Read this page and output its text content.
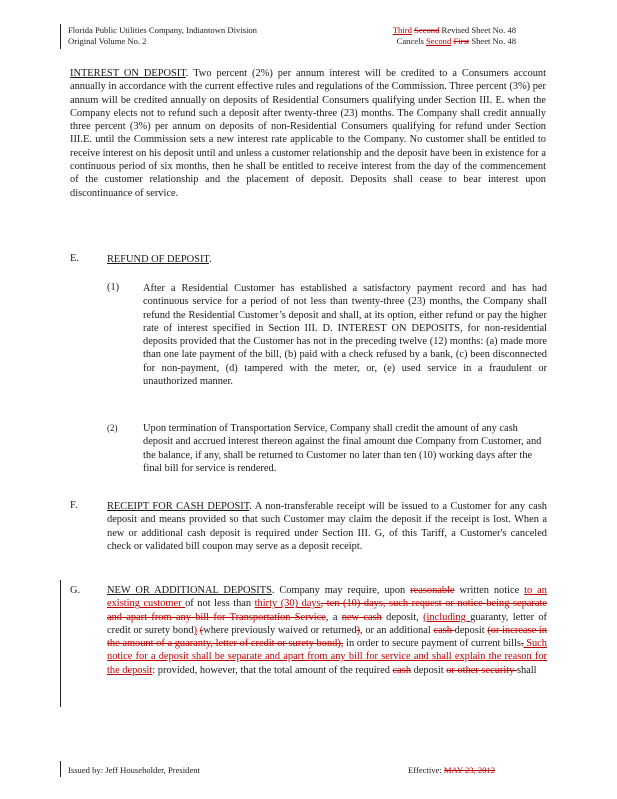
Florida Public Utilities Company, Indiantown Division
Original Volume No. 2
Third Second Revised Sheet No. 48
Cancels Second First Sheet No. 48
INTEREST ON DEPOSIT. Two percent (2%) per annum interest will be credited to a Consumers account annually in accordance with the current effective rules and regulations of the Commission. Three percent (3%) per annum will be credited annually on deposits of Residential Consumers qualifying under Section III. E. when the Company elects not to refund such a deposit after twenty-three (23) months. The Company shall credit annually three percent (3%) per annum on deposits of non-Residential Consumers qualifying for refund under Section III.E. until the Commission sets a new interest rate applicable to the Company. No customer shall be entitled to receive interest on his deposit until and unless a customer relationship and the deposit have been in existence for a continuous period of six months, then he shall be entitled to receive interest from the day of the commencement of the customer relationship and the placement of deposit. Deposits shall cease to bear interest upon discontinuance of service.
E.	REFUND OF DEPOSIT.
(1) After a Residential Customer has established a satisfactory payment record and has had continuous service for a period of not less than twenty-three (23) months, the Company shall refund the Residential Customer’s deposit and shall, at its option, either refund or pay the higher rate of interest specified in Section III. D. INTEREST ON DEPOSITS, for non-residential deposits provided that the Customer has not in the preceding twelve (12) months: (a) made more than one late payment of the bill, (b) paid with a check refused by a bank, (c) been disconnected for non-payment, (d) tampered with the meter, or, (e) used service in a fraudulent or unauthorized manner.
(2) Upon termination of Transportation Service, Company shall credit the amount of any cash deposit and accrued interest thereon against the final amount due Company from Customer, and the balance, if any, shall be returned to Customer no later than ten (10) working days after the final bill for service is rendered.
F.	RECEIPT FOR CASH DEPOSIT. A non-transferable receipt will be issued to a Customer for any cash deposit and means provided so that such Customer may claim the deposit if the receipt is lost. When a new or additional cash deposit is required under Section III. G, of this Tariff, a Customer's canceled check or validated bill coupon may serve as a deposit receipt.
G.	NEW OR ADDITIONAL DEPOSITS. Company may require, upon reasonable written notice to an existing customer of not less than thirty (30) days, ten (10) days, such request or notice being separate and apart from any bill for Transportation Service, a new cash deposit, (including guaranty, letter of credit or surety bond) (where previously waived or returned), or an additional cash deposit (or increase in the amount of a guaranty, letter of credit or surety bond), in order to secure payment of current bills. Such notice for a deposit shall be separate and apart from any bill for service and shall explain the reason for the deposit: provided, however, that the total amount of the required cash deposit or other security shall
Issued by: Jeff Householder, President	Effective: MAY 23, 2012
